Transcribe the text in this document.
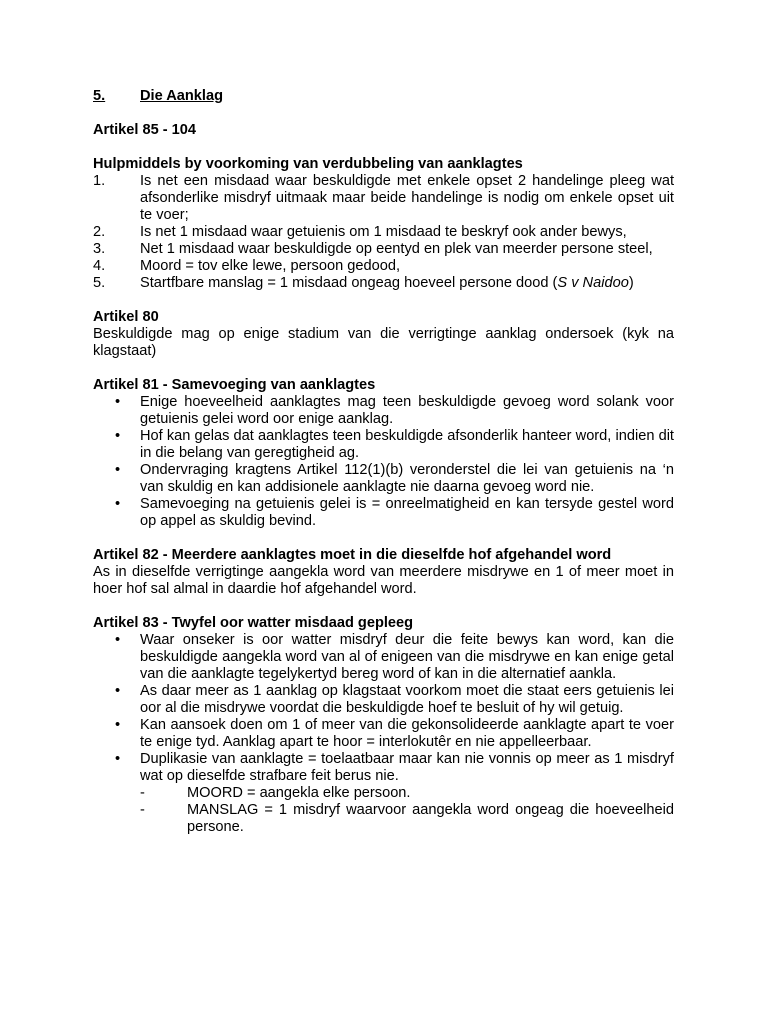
5.	Die Aanklag

Artikel 85 - 104

Hulpmiddels by voorkoming van verdubbeling van aanklagtes

1.	Is net een misdaad waar beskuldigde met enkele opset 2 handelinge pleeg wat afsonderlike misdryf uitmaak maar beide handelinge is nodig om enkele opset uit te voer;
2.	Is net 1 misdaad waar getuienis om 1 misdaad te beskryf ook ander bewys,
3.	Net 1 misdaad waar beskuldigde op eentyd en plek van meerder persone steel,
4.	Moord = tov elke lewe, persoon gedood,
5.	Startfbare manslag = 1 misdaad ongeag hoeveel persone dood (S v Naidoo)

Artikel 80

Beskuldigde mag op enige stadium van die verrigtinge aanklag ondersoek (kyk na klagstaat)

Artikel 81 - Samevoeging van aanklagtes

•	Enige hoeveelheid aanklagtes mag teen beskuldigde gevoeg word solank voor getuienis gelei word oor enige aanklag.
•	Hof kan gelas dat aanklagtes teen beskuldigde afsonderlik hanteer word, indien dit in die belang van geregtigheid ag.
•	Ondervraging kragtens Artikel 112(1)(b) veronderstel die lei van getuienis na ‘n van skuldig en kan addisionele aanklagte nie daarna gevoeg word nie.
•	Samevoeging na getuienis gelei is = onreelmatigheid en kan tersyde gestel word op appel as skuldig bevind.

Artikel 82 - Meerdere aanklagtes moet in die dieselfde hof afgehandel word

As in dieselfde verrigtinge aangekla word van meerdere misdrywe en 1 of meer moet in hoer hof sal almal in daardie hof afgehandel word.

Artikel 83 - Twyfel oor watter misdaad gepleeg

•	Waar onseker is oor watter misdryf deur die feite bewys kan word, kan die beskuldigde aangekla word van al of enigeen van die misdrywe en kan enige getal van die aanklagte tegelykertyd bereg word of kan in die alternatief aankla.
•	As daar meer as 1 aanklag op klagstaat voorkom moet die staat eers getuienis lei oor al die misdrywe voordat die beskuldigde hoef te besluit of hy wil getuig.
•	Kan aansoek doen om 1 of meer van die gekonsolideerde aanklagte apart te voer te enige tyd. Aanklag apart te hoor = interlokutêr en nie appelleerbaar.
•	Duplikasie van aanklagte = toelaatbaar maar kan nie vonnis op meer as 1 misdryf wat op dieselfde strafbare feit berus nie.
-	MOORD = aangekla elke persoon.
-	MANSLAG = 1 misdryf waarvoor aangekla word ongeag die hoeveelheid persone.
